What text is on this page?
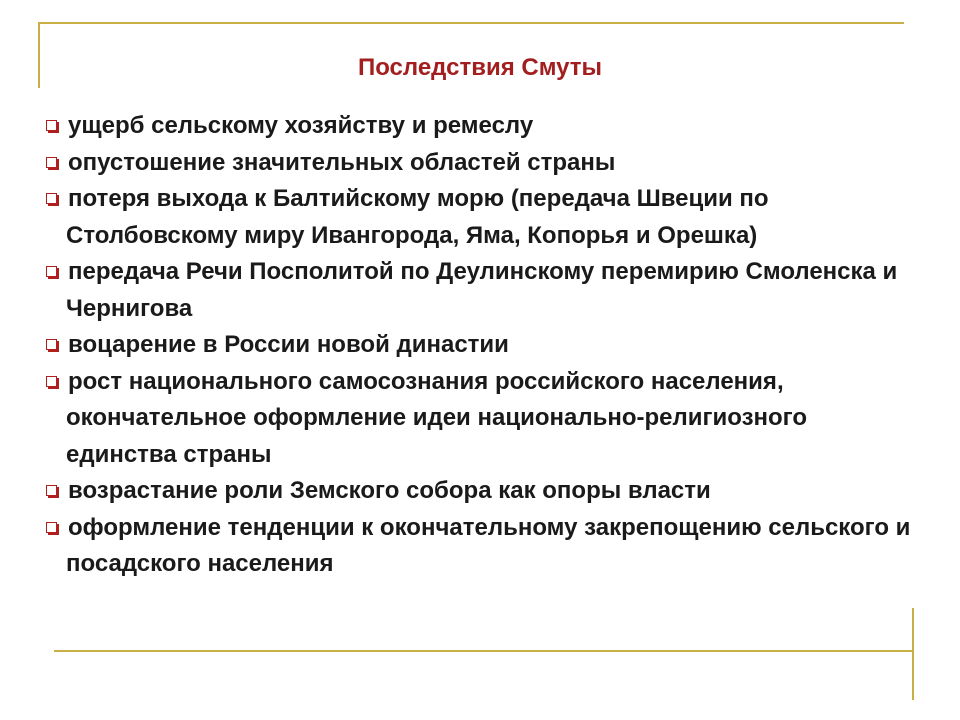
Последствия Смуты
ущерб сельскому хозяйству и ремеслу
опустошение значительных областей страны
потеря выхода к Балтийскому морю (передача Швеции по Столбовскому миру Ивангорода, Яма, Копорья и Орешка)
передача Речи Посполитой по Деулинскому перемирию Смоленска и Чернигова
воцарение в России новой династии
рост национального самосознания российского населения, окончательное оформление идеи национально-религиозного единства страны
возрастание роли Земского собора как опоры власти
оформление тенденции к окончательному закрепощению сельского и посадского населения
